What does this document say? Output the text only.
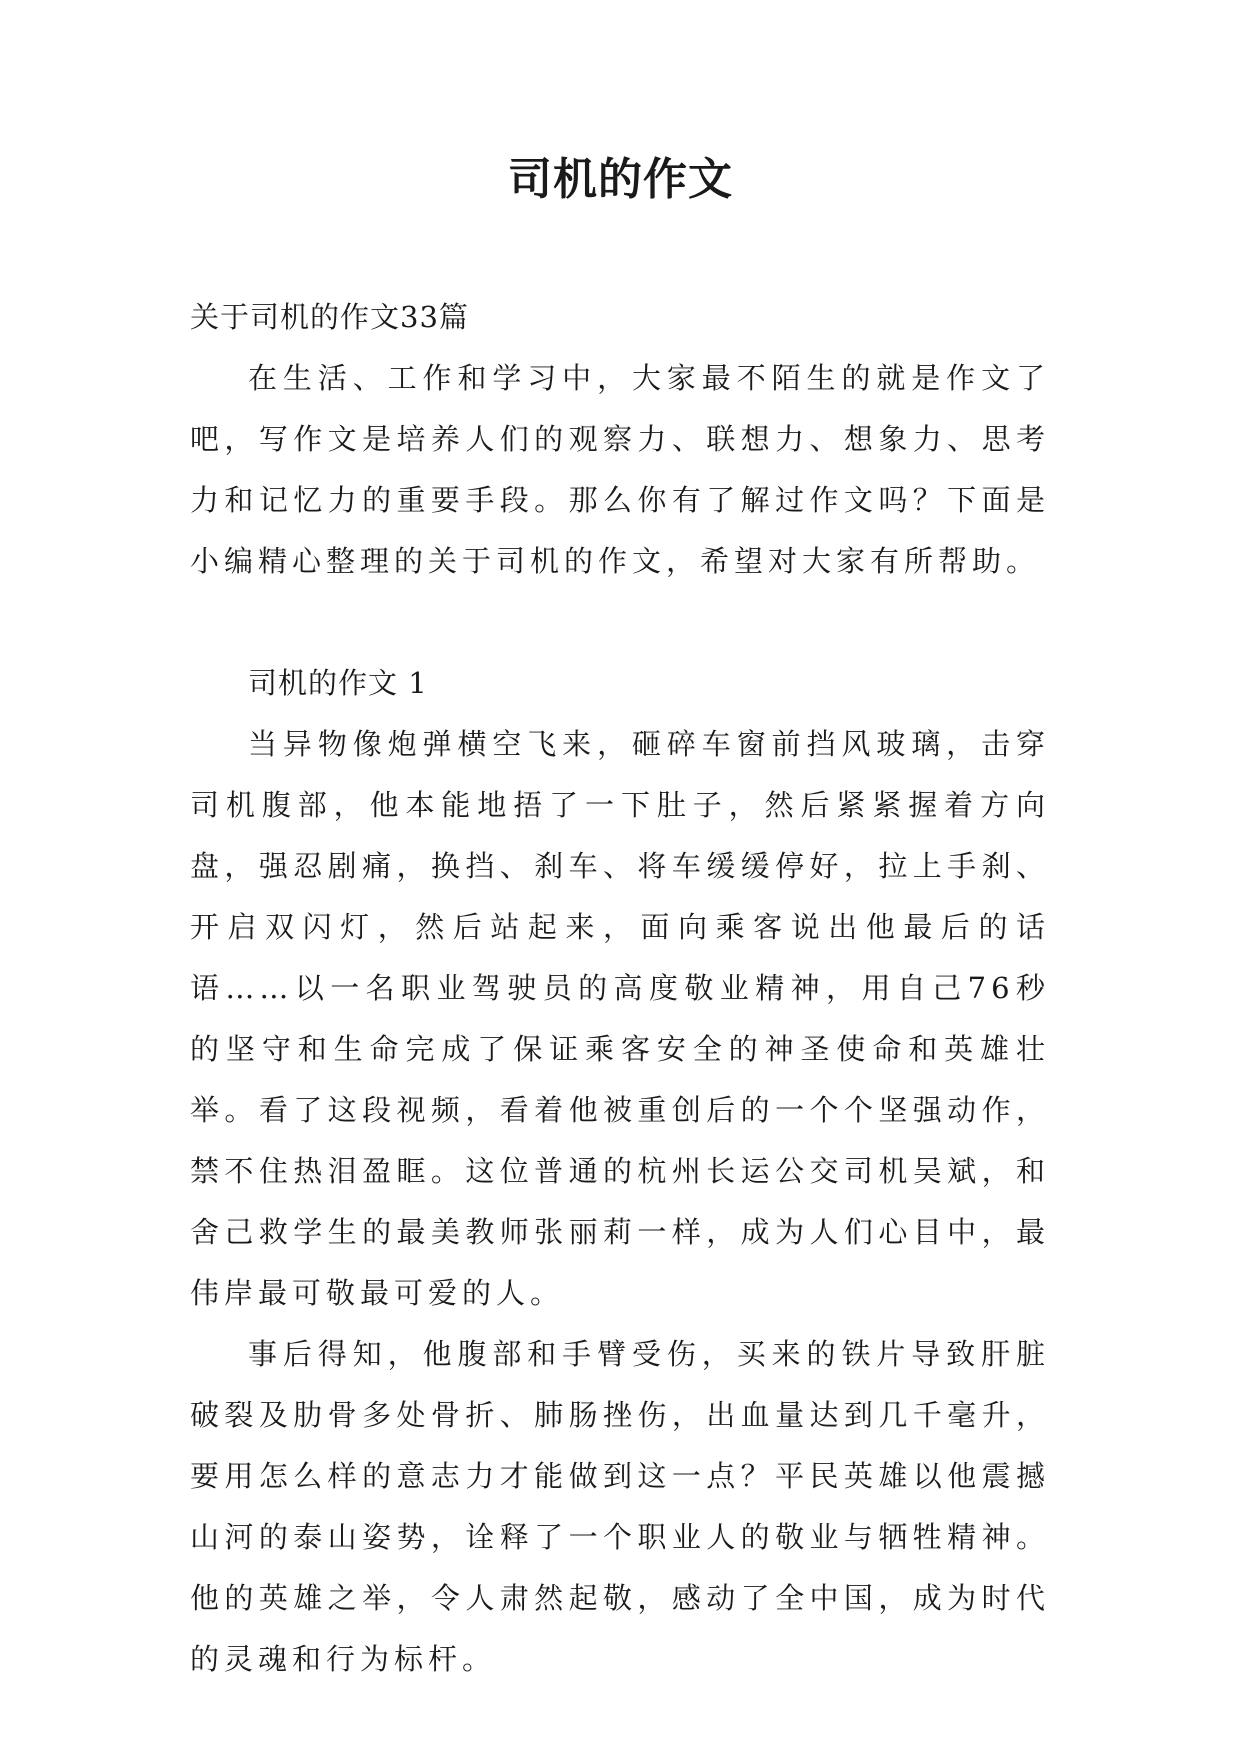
司机的作文

关于司机的作文33篇

在生活、工作和学习中，大家最不陌生的就是作文了吧，写作文是培养人们的观察力、联想力、想象力、思考力和记忆力的重要手段。那么你有了解过作文吗？下面是小编精心整理的关于司机的作文，希望对大家有所帮助。

司机的作文 1

当异物像炮弹横空飞来，砸碎车窗前挡风玻璃，击穿司机腹部，他本能地捂了一下肚子，然后紧紧握着方向盘，强忍剧痛，换挡、刹车、将车缓缓停好，拉上手刹、开启双闪灯，然后站起来，面向乘客说出他最后的话语……以一名职业驾驶员的高度敬业精神，用自己76秒的坚守和生命完成了保证乘客安全的神圣使命和英雄壮举。看了这段视频，看着他被重创后的一个个坚强动作，禁不住热泪盈眶。这位普通的杭州长运公交司机吴斌，和舍己救学生的最美教师张丽莉一样，成为人们心目中，最伟岸最可敬最可爱的人。

事后得知，他腹部和手臂受伤，买来的铁片导致肝脏破裂及肋骨多处骨折、肺肠挫伤，出血量达到几千毫升，要用怎么样的意志力才能做到这一点？平民英雄以他震撼山河的泰山姿势，诠释了一个职业人的敬业与牺牲精神。他的英雄之举，令人肃然起敬，感动了全中国，成为时代的灵魂和行为标杆。
